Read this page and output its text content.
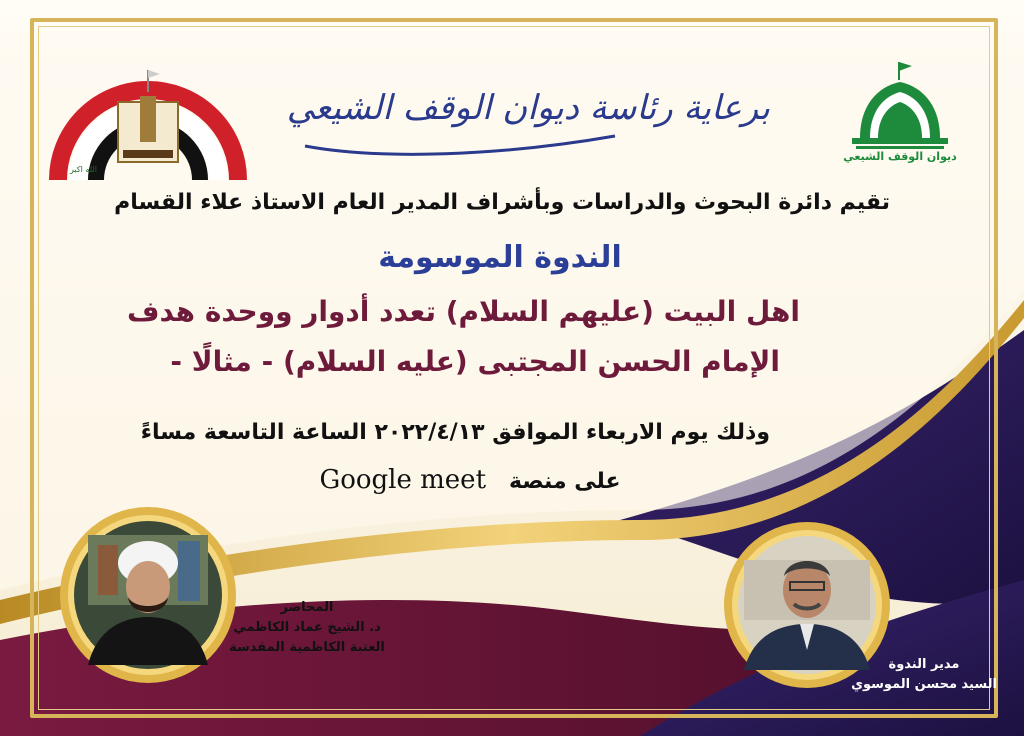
الله اكبر
ديوان الوقف الشيعي
برعاية رئاسة ديوان الوقف الشيعي
تقيم دائرة البحوث والدراسات وبأشراف المدير العام الاستاذ علاء القسام
الندوة الموسومة
اهل البيت (عليهم السلام) تعدد أدوار ووحدة هدف
الإمام الحسن المجتبى (عليه السلام) - مثالًا -
وذلك يوم الاربعاء الموافق ٢٠٢٢/٤/١٣ الساعة التاسعة مساءً
على منصة   Google meet
المحاضر
د. الشيخ عماد الكاظمي
العتبة الكاظمية المقدسة
مدير الندوة
السيد محسن الموسوي
